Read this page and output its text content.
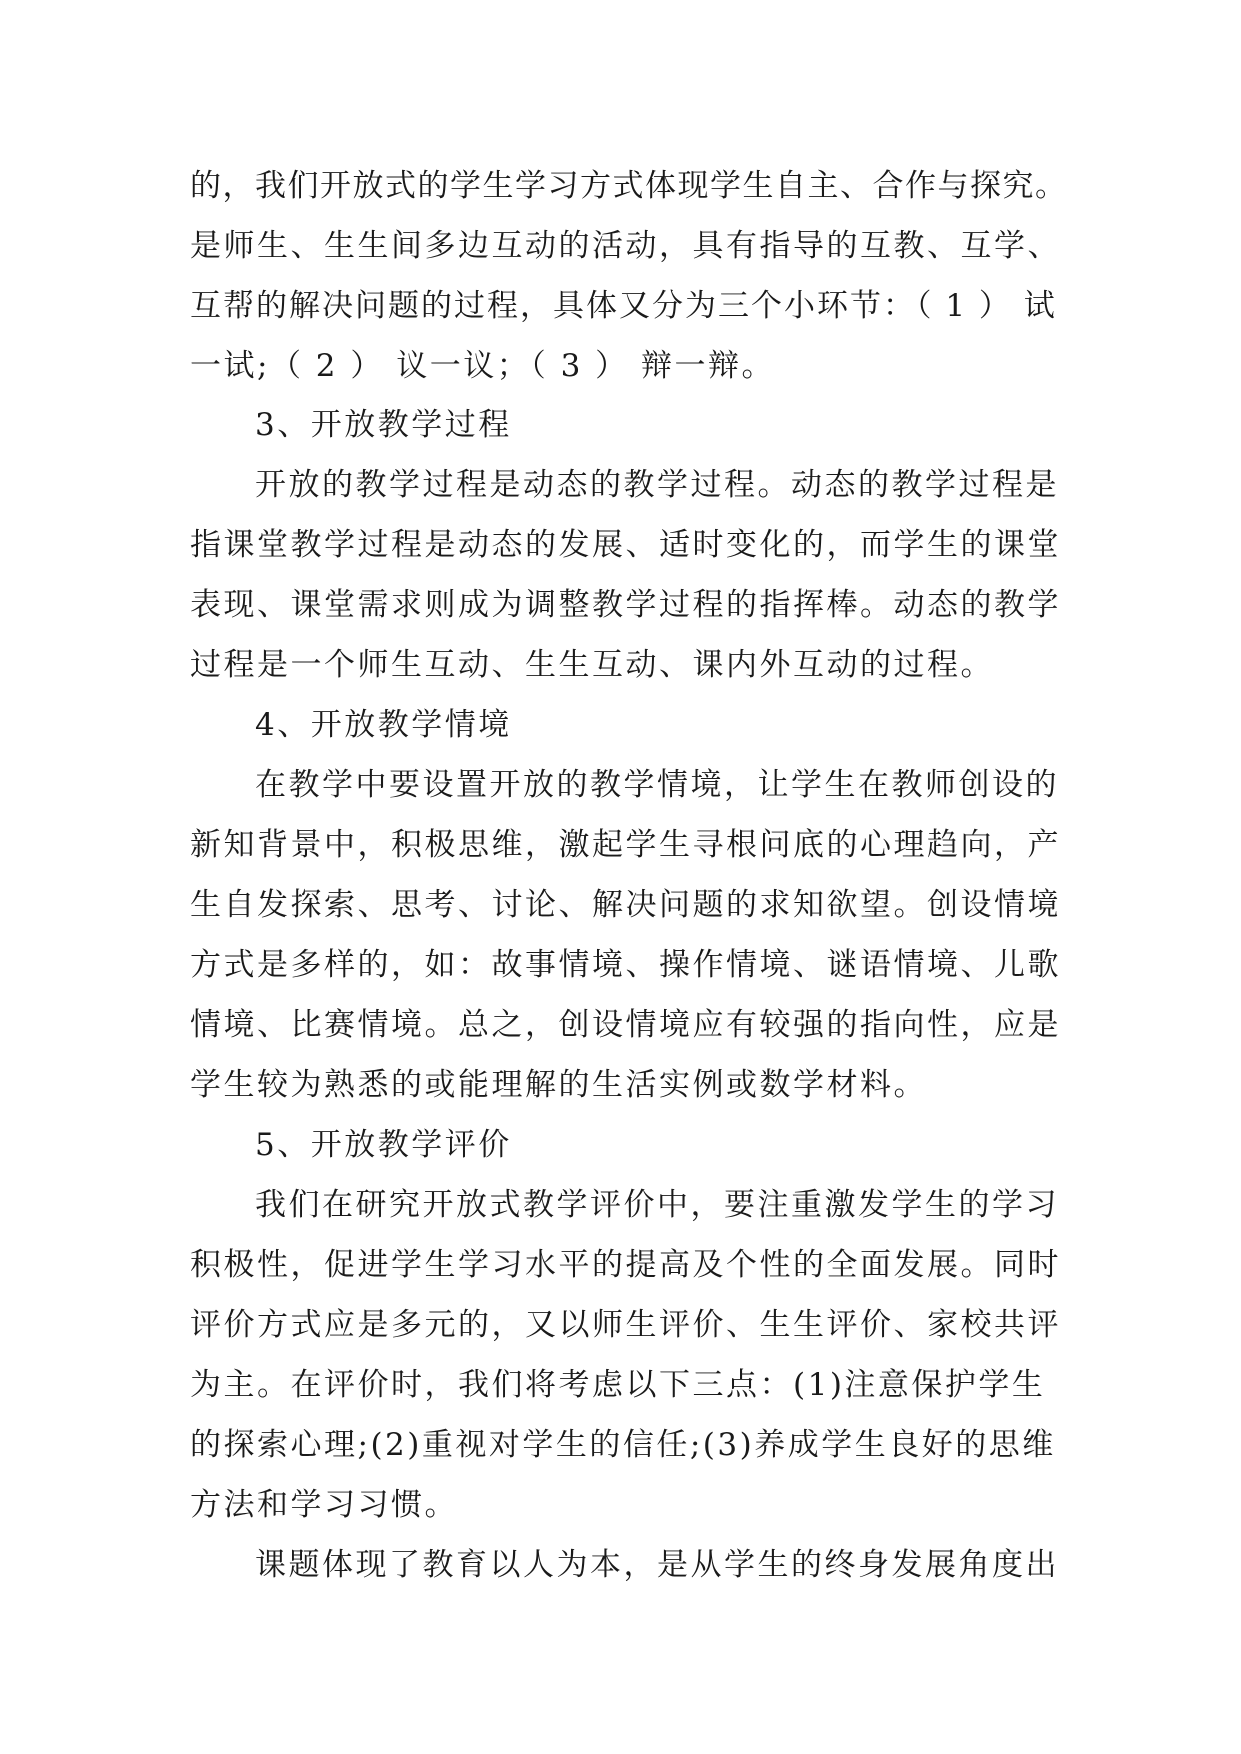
的，我们开放式的学生学习方式体现学生自主、合作与探究。
是师生、生生间多边互动的活动，具有指导的互教、互学、
互帮的解决问题的过程，具体又分为三个小环节：（ 1 ） 试
一试;（ 2 ） 议一议；（ 3 ） 辩一辩。
3、开放教学过程
开放的教学过程是动态的教学过程。动态的教学过程是
指课堂教学过程是动态的发展、适时变化的，而学生的课堂
表现、课堂需求则成为调整教学过程的指挥棒。动态的教学
过程是一个师生互动、生生互动、课内外互动的过程。
4、开放教学情境
在教学中要设置开放的教学情境，让学生在教师创设的
新知背景中，积极思维，激起学生寻根问底的心理趋向，产
生自发探索、思考、讨论、解决问题的求知欲望。创设情境
方式是多样的，如：故事情境、操作情境、谜语情境、儿歌
情境、比赛情境。总之，创设情境应有较强的指向性，应是
学生较为熟悉的或能理解的生活实例或数学材料。
5、开放教学评价
我们在研究开放式教学评价中，要注重激发学生的学习
积极性，促进学生学习水平的提高及个性的全面发展。同时
评价方式应是多元的，又以师生评价、生生评价、家校共评
为主。在评价时，我们将考虑以下三点：(1)注意保护学生
的探索心理;(2)重视对学生的信任;(3)养成学生良好的思维
方法和学习习惯。
课题体现了教育以人为本，是从学生的终身发展角度出
